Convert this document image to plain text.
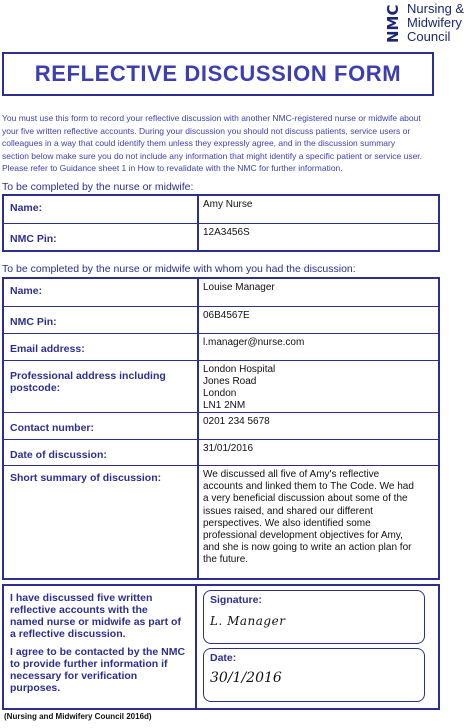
NMC Nursing &
Midwifery
Council
REFLECTIVE DISCUSSION FORM
You must use this form to record your reflective discussion with another NMC-registered nurse or midwife about
your five written reflective accounts. During your discussion you should not discuss patients, service users or
colleagues in a way that could identify them unless they expressly agree, and in the discussion summary
section below make sure you do not include any information that might identify a specific patient or service user.
Please refer to Guidance sheet 1 in How to revalidate with the NMC for further information.
To be completed by the nurse or midwife:
Name:	Amy Nurse
NMC Pin:
12A3456S
To be completed by the nurse or midwife with whom you had the discussion:
Name:	Louise Manager
NMC Pin:
06B4567E
Email address:
l.manager@nurse.com
Professional address including
postcode:
London Hospital
Jones Road
London
LN1 2NM
Contact number:
0201 234 5678
Date of discussion:
31/01/2016
Short summary of discussion:	We discussed all five of Amy's reflective
accounts and linked them to The Code. We had
a very beneficial discussion about some of the
issues raised, and shared our different
perspectives. We also identified some
professional development objectives for Amy,
and she is now going to write an action plan for
the future.
I have discussed five written
reflective accounts with the
named nurse or midwife as part of
a reflective discussion.
I agree to be contacted by the NMC
to provide further information if
necessary for verification
purposes.
Signature:
L. Manager
Date:
30/1/2016
(Nursing and Midwifery Council 2016d)
